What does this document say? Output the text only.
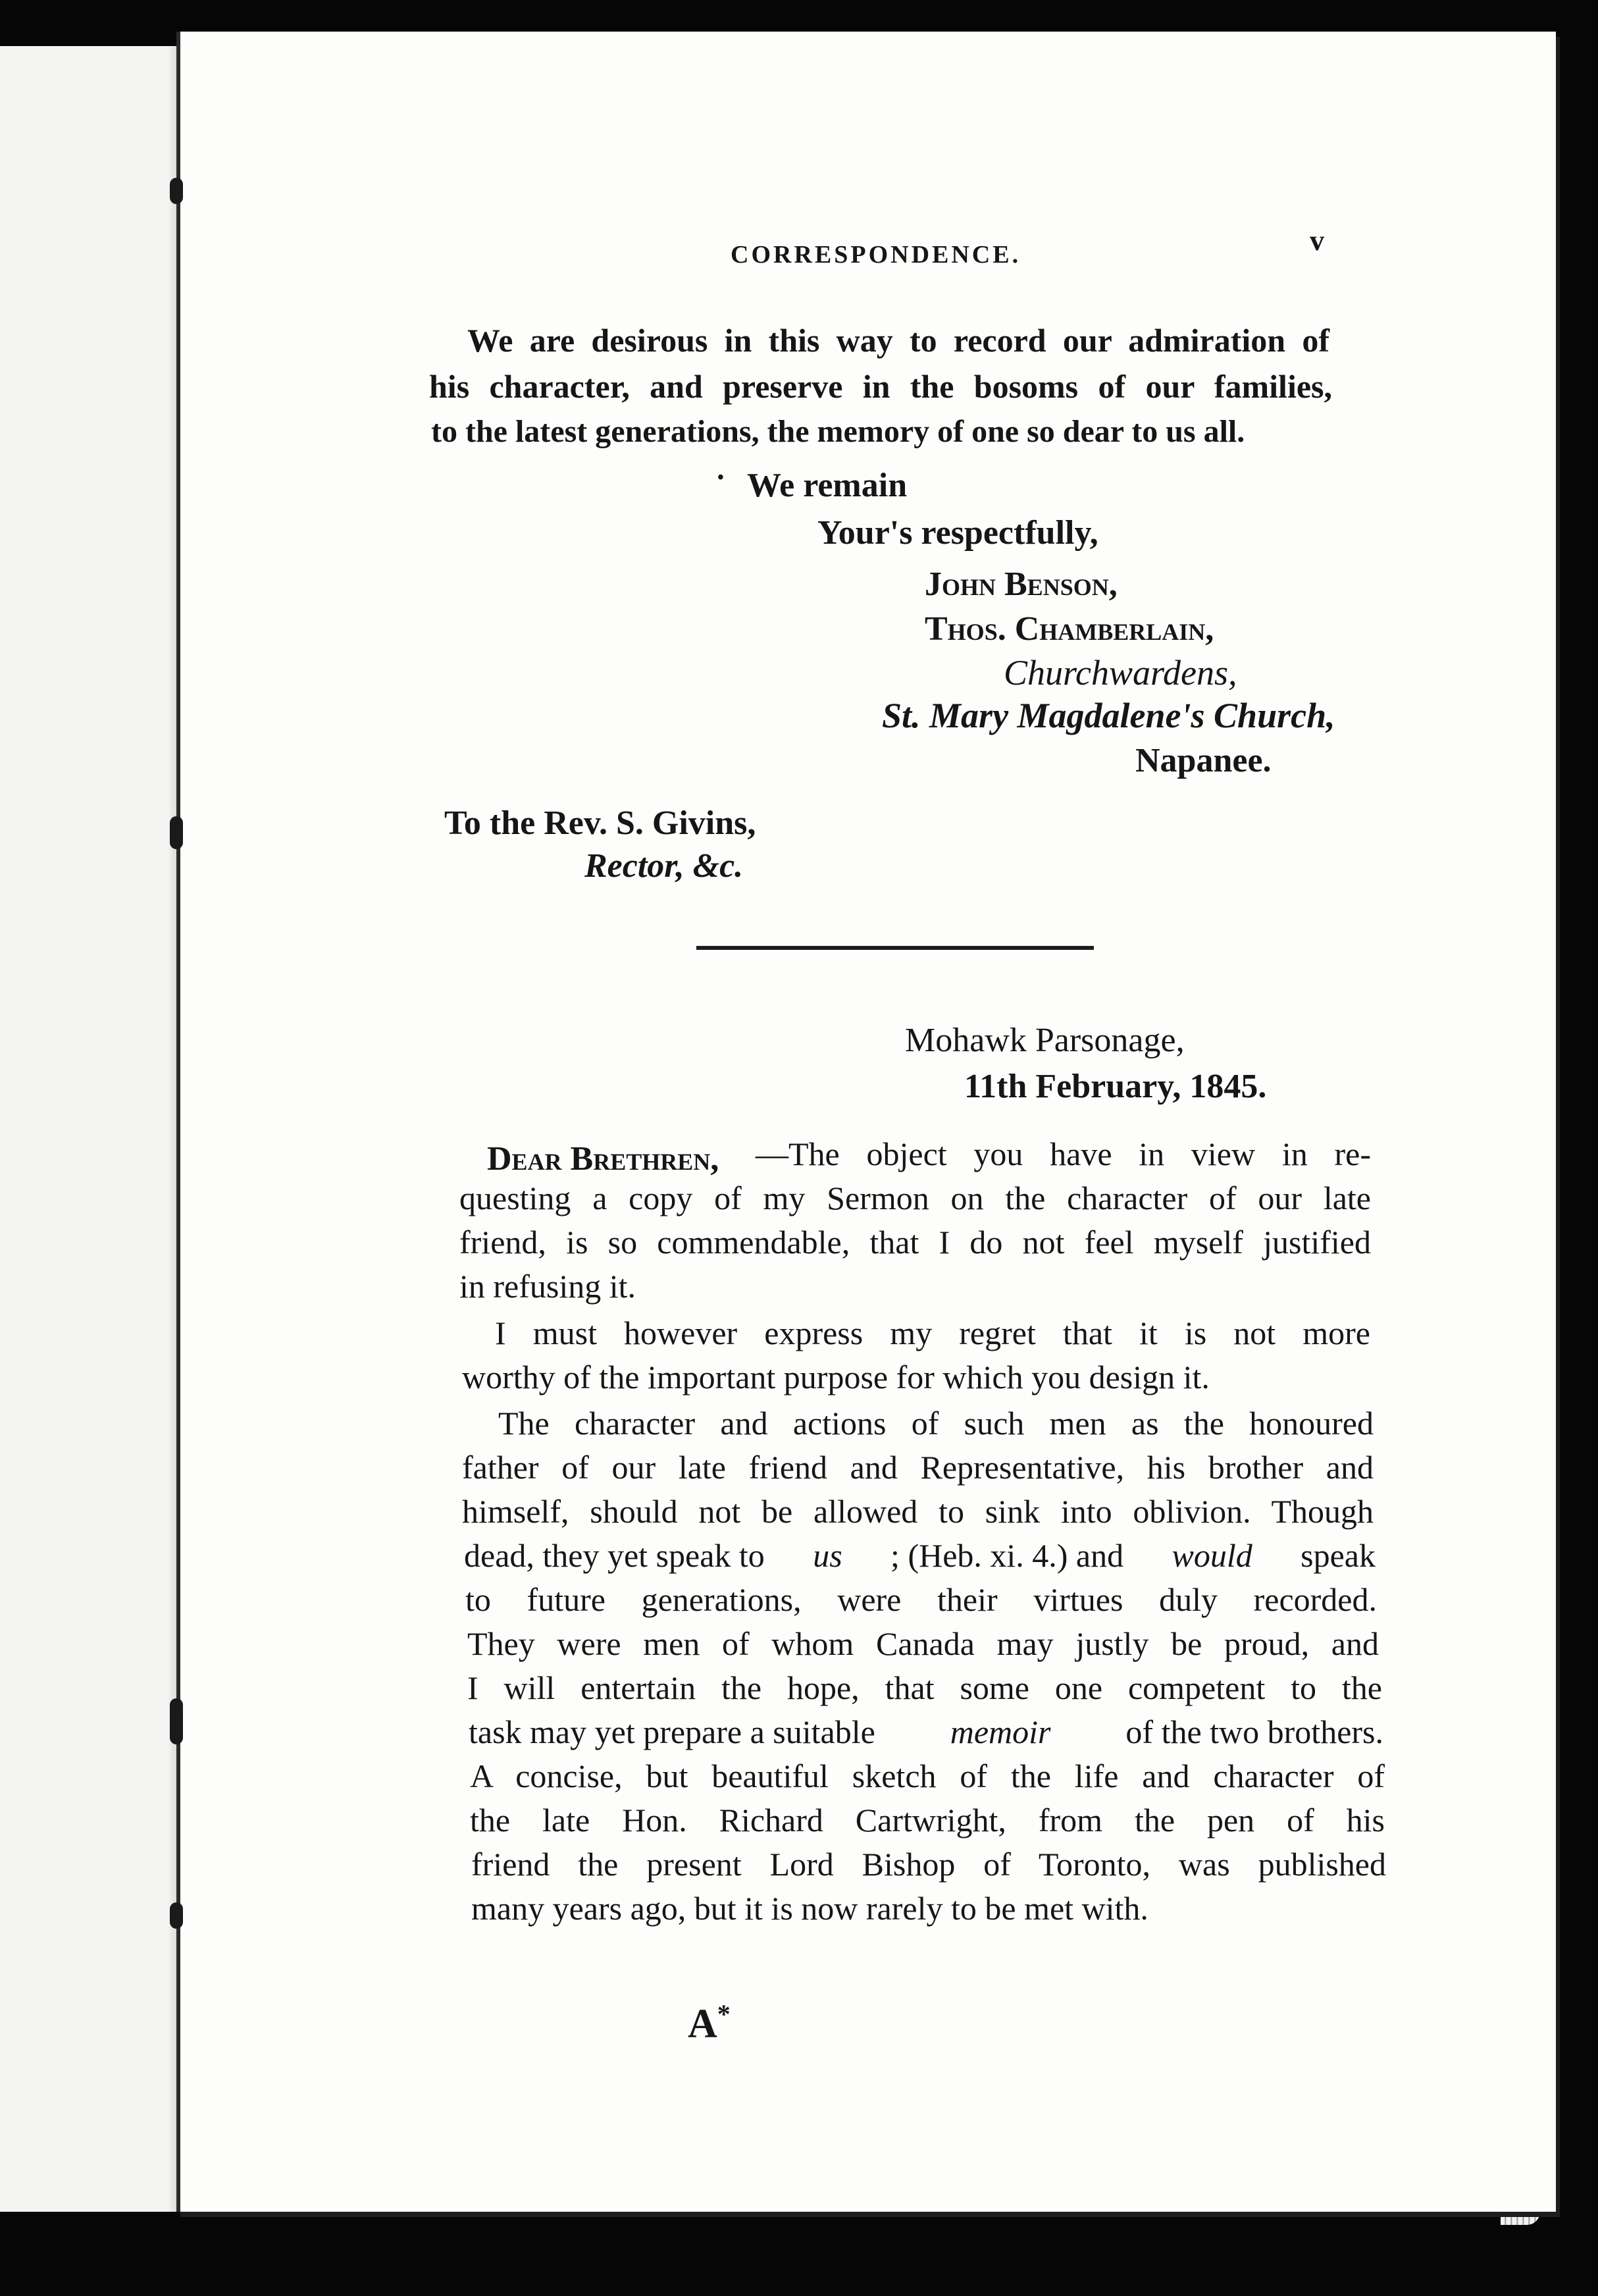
CORRESPONDENCE.	v
We are desirous in this way to record our admiration of
his character, and preserve in the bosoms of our families,
to the latest generations, the memory of one so dear to us all.
• We remain
Your's respectfully,
John Benson,
Thos. Chamberlain,
Churchwardens,
St. Mary Magdalene's Church,
Napanee.
To the Rev. S. Givins,
Rector, &c.
Mohawk Parsonage,
11th February, 1845.
Dear Brethren, —The object you have in view in re-
questing a copy of my Sermon on the character of our late
friend, is so commendable, that I do not feel myself justified
in refusing it.
I must however express my regret that it is not more
worthy of the important purpose for which you design it.
The character and actions of such men as the honoured
father of our late friend and Representative, his brother and
himself, should not be allowed to sink into oblivion. Though
dead, they yet speak to us ; (Heb. xi. 4.) and would speak
to future generations, were their virtues duly recorded.
They were men of whom Canada may justly be proud, and
I will entertain the hope, that some one competent to the
task may yet prepare a suitable memoir of the two brothers.
A concise, but beautiful sketch of the life and character of
the late Hon. Richard Cartwright, from the pen of his
friend the present Lord Bishop of Toronto, was published
many years ago, but it is now rarely to be met with.
A*
